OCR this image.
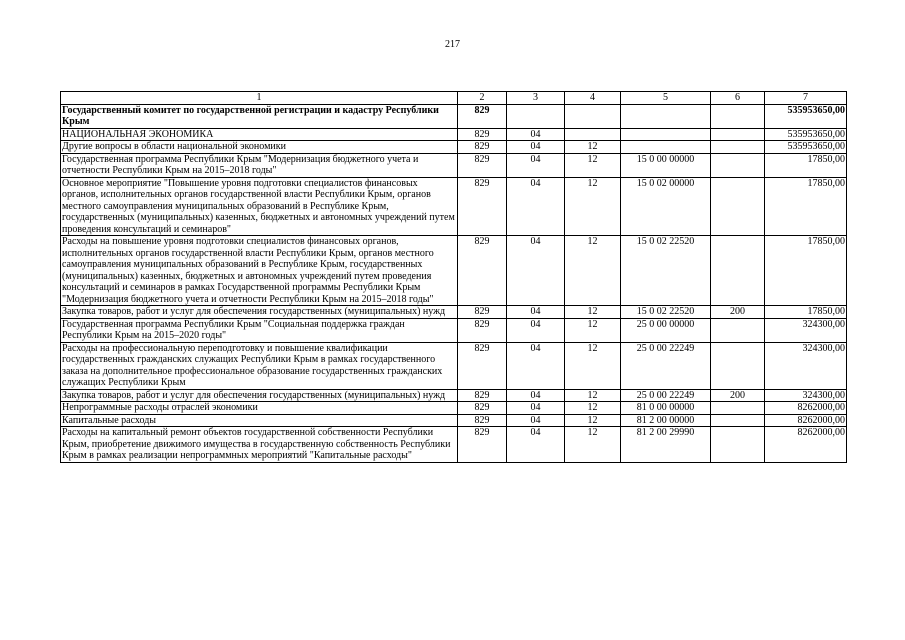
217
1	2	3	4	5	6	7
Государственный комитет по государственной регистрации и кадастру Республики Крым	829					535953650,00
НАЦИОНАЛЬНАЯ ЭКОНОМИКА	829	04				535953650,00
Другие вопросы в области национальной экономики	829	04	12			535953650,00
Государственная программа Республики Крым "Модернизация бюджетного учета и отчетности Республики Крым на 2015–2018 годы"	829	04	12	15 0 00 00000		17850,00
Основное мероприятие "Повышение уровня подготовки специалистов финансовых органов, исполнительных органов государственной власти Республики Крым, органов местного самоуправления муниципальных образований в Республике Крым, государственных (муниципальных) казенных, бюджетных и автономных учреждений путем проведения консультаций и семинаров"	829	04	12	15 0 02 00000		17850,00
Расходы на повышение уровня подготовки специалистов финансовых органов, исполнительных органов государственной власти Республики Крым, органов местного самоуправления муниципальных образований в Республике Крым, государственных (муниципальных) казенных, бюджетных и автономных учреждений путем проведения консультаций и семинаров в рамках Государственной программы Республики Крым "Модернизация бюджетного учета и отчетности Республики Крым на 2015–2018 годы"	829	04	12	15 0 02 22520		17850,00
Закупка товаров, работ и услуг для обеспечения государственных (муниципальных) нужд	829	04	12	15 0 02 22520	200	17850,00
Государственная программа Республики Крым "Социальная поддержка граждан Республики Крым на 2015–2020 годы"	829	04	12	25 0 00 00000		324300,00
Расходы на профессиональную переподготовку и повышение квалификации государственных гражданских служащих Республики Крым в рамках государственного заказа на дополнительное профессиональное образование государственных гражданских служащих Республики Крым	829	04	12	25 0 00 22249		324300,00
Закупка товаров, работ и услуг для обеспечения государственных (муниципальных) нужд	829	04	12	25 0 00 22249	200	324300,00
Непрограммные расходы отраслей экономики	829	04	12	81 0 00 00000		8262000,00
Капитальные расходы	829	04	12	81 2 00 00000		8262000,00
Расходы на капитальный ремонт объектов государственной собственности Республики Крым, приобретение движимого имущества в государственную собственность Республики Крым в рамках реализации непрограммных мероприятий "Капитальные расходы"	829	04	12	81 2 00 29990		8262000,00
